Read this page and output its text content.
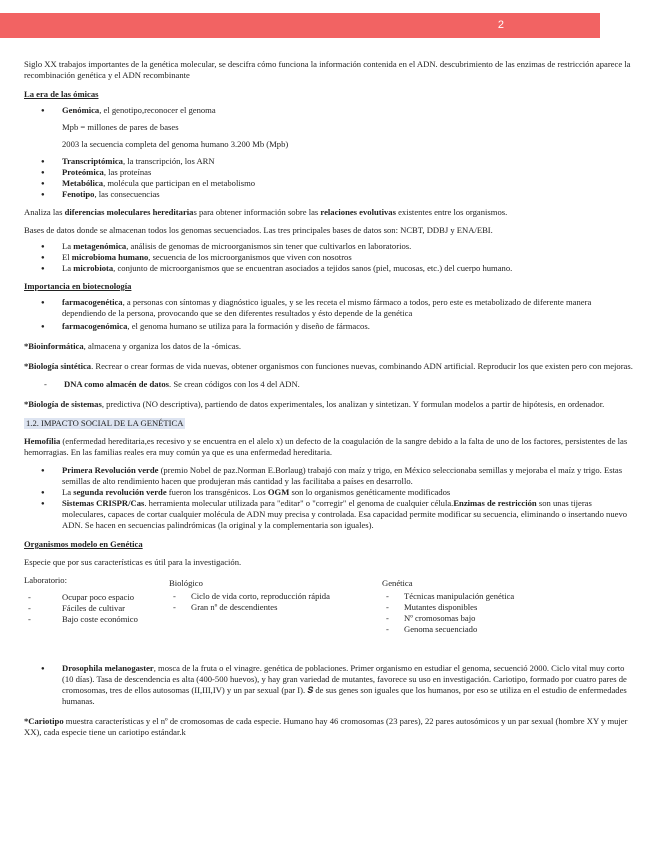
2

Siglo XX trabajos importantes de la genética molecular, se descifra cómo funciona la información contenida en el ADN. descubrimiento de las enzimas de restricción aparece la recombinación genética y el ADN recombinante

La era de las ómicas

● Genómica, el genotipo,reconocer el genoma

Mpb = millones de pares de bases

2003 la secuencia completa del genoma humano 3.200 Mb (Mpb)

● Transcriptómica, la transcripción, los ARN
● Proteómica, las proteínas
● Metabólica, molécula que participan en el metabolismo
● Fenotipo, las consecuencias

Analiza las diferencias moleculares hereditarias para obtener información sobre las relaciones evolutivas existentes entre los organismos.

Bases de datos donde se almacenan todos los genomas secuenciados. Las tres principales bases de datos son: NCBT, DDBJ y ENA/EBI.

● La metagenómica, análisis de genomas de microorganismos sin tener que cultivarlos en laboratorios.
● El microbioma humano, secuencia de los microorganismos que viven con nosotros
● La microbiota, conjunto de microorganismos que se encuentran asociados a tejidos sanos (piel, mucosas, etc.) del cuerpo humano.

Importancia en biotecnología

● farmacogenética, a personas con síntomas y diagnóstico iguales, y se les receta el mismo fármaco a todos, pero este es metabolizado de diferente manera dependiendo de la persona, provocando que se den diferentes resultados y ésto depende de la genética
● farmacogenómica, el genoma humano se utiliza para la formación y diseño de fármacos.

*Bioinformática, almacena y organiza los datos de la -ómicas.

*Biología sintética. Recrear o crear formas de vida nuevas, obtener organismos con funciones nuevas, combinando ADN artificial. Reproducir los que existen pero con mejoras.

- DNA como almacén de datos. Se crean códigos con los 4 del ADN.

*Biología de sistemas, predictiva (NO descriptiva), partiendo de datos experimentales, los analizan y sintetizan. Y formulan modelos a partir de hipótesis, en ordenador.

1.2. IMPACTO SOCIAL DE LA GENÉTICA

Hemofilia (enfermedad hereditaria,es recesivo y se encuentra en el alelo x) un defecto de la coagulación de la sangre debido a la falta de uno de los factores, persistentes de las hemorragias. En las familias reales era muy común ya que es una enfermedad hereditaria.

● Primera Revolución verde (premio Nobel de paz.Norman E.Borlaug) trabajó con maíz y trigo, en México seleccionaba semillas y mejoraba el maíz y trigo. Estas semillas de alto rendimiento hacen que produjeran más cantidad y las facilitaba a países en desarrollo.
● La segunda revolución verde fueron los transgénicos. Los OGM son lo organismos genéticamente modificados
● Sistemas CRISPR/Cas. herramienta molecular utilizada para "editar" o "corregir" el genoma de cualquier célula.Enzimas de restricción son unas tijeras moleculares, capaces de cortar cualquier molécula de ADN muy precisa y controlada. Esa capacidad permite modificar su secuencia, eliminando o insertando nuevo ADN. Se hacen en secuencias palindrómicas (la original y la complementaria son iguales).

Organismos modelo en Genética

Especie que por sus características es útil para la investigación.

Laboratorio:

- Ocupar poco espacio
- Fáciles de cultivar
- Bajo coste económico

Biológico

- Ciclo de vida corto, reproducción rápida
- Gran nº de descendientes

Genética

- Técnicas manipulación genética
- Mutantes disponibles
- Nº cromosomas bajo
- Genoma secuenciado
● Drosophila melanogaster, mosca de la fruta o el vinagre. genética de poblaciones. Primer organismo en estudiar el genoma, secuenció 2000. Ciclo vital muy corto (10 días). Tasa de descendencia es alta (400-500 huevos), y hay gran variedad de mutantes, favorece su uso en investigación. Cariotipo, formado por cuatro pares de cromosomas, tres de ellos autosomas (II,III,IV) y un par sexual (par I). 𝑺 de sus genes son iguales que los humanos, por eso se utiliza en el estudio de enfermedades humanas.

*Cariotipo muestra características y el nº de cromosomas de cada especie. Humano hay 46 cromosomas (23 pares), 22 pares autosómicos y un par sexual (hombre XY y mujer XX), cada especie tiene un cariotipo estándar.k
